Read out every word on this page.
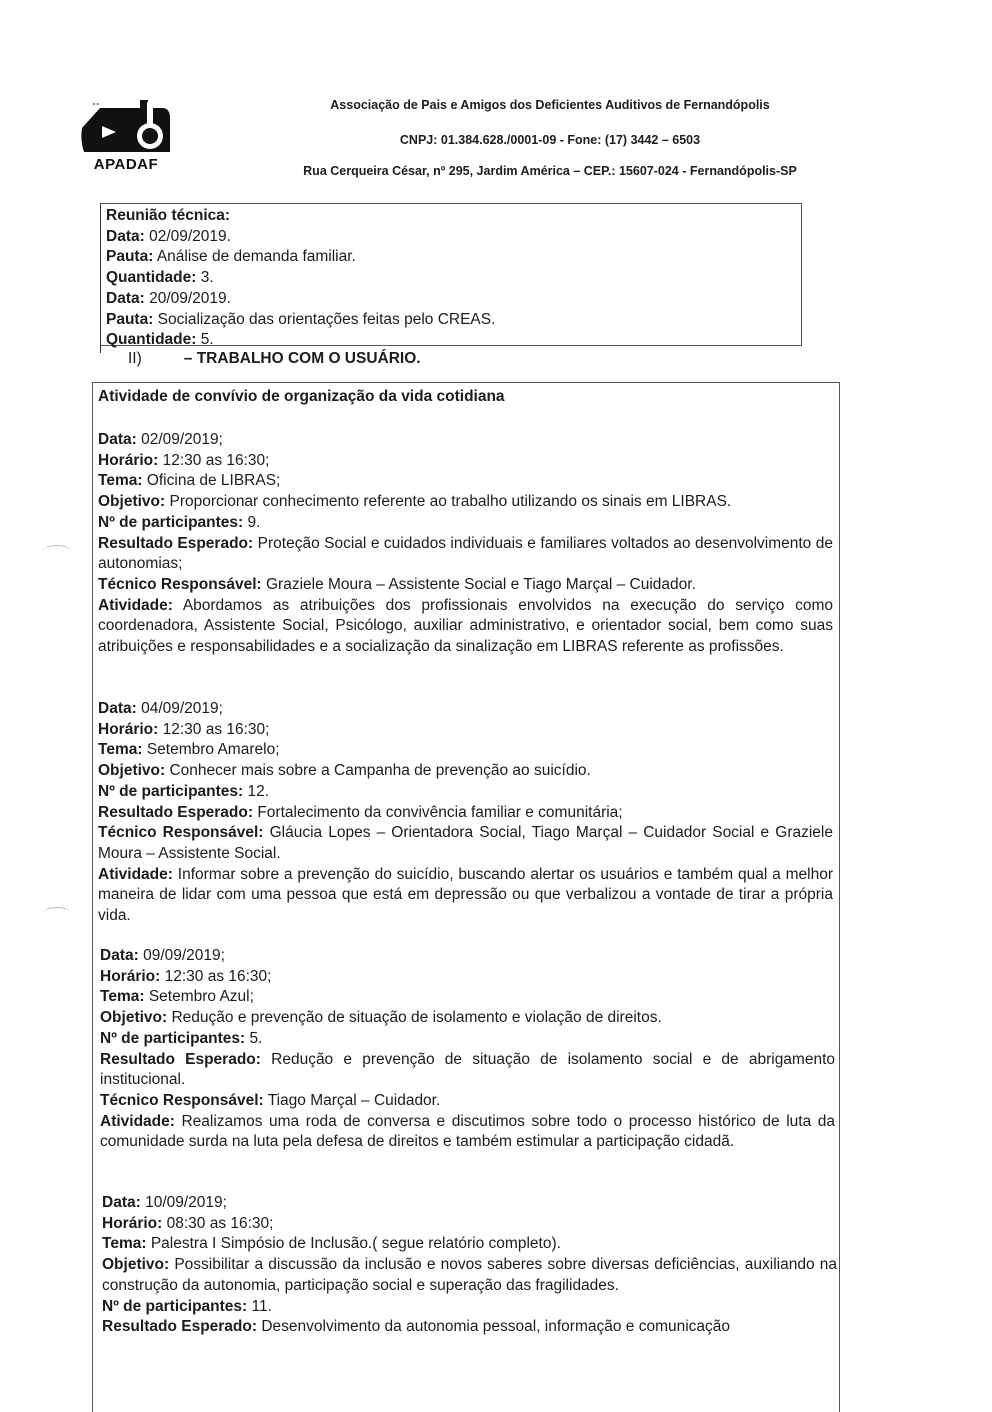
∘∘
APADAF
Associação de Pais e Amigos dos Deficientes Auditivos de Fernandópolis
CNPJ: 01.384.628./0001-09 - Fone: (17) 3442 – 6503
Rua Cerqueira César, nº 295, Jardim América – CEP.: 15607-024 - Fernandópolis-SP
Reunião técnica:
Data: 02/09/2019.
Pauta: Análise de demanda familiar.
Quantidade: 3.
Data: 20/09/2019.
Pauta: Socialização das orientações feitas pelo CREAS.
Quantidade: 5.
II)	– TRABALHO COM O USUÁRIO.
Atividade de convívio de organização da vida cotidiana
Data: 02/09/2019;
Horário: 12:30 as 16:30;
Tema: Oficina de LIBRAS;
Objetivo: Proporcionar conhecimento referente ao trabalho utilizando os sinais em LIBRAS.
Nº de participantes: 9.
Resultado Esperado: Proteção Social e cuidados individuais e familiares voltados ao desenvolvimento de autonomias;
Técnico Responsável: Graziele Moura – Assistente Social e Tiago Marçal – Cuidador.
Atividade: Abordamos as atribuições dos profissionais envolvidos na execução do serviço como coordenadora, Assistente Social, Psicólogo, auxiliar administrativo, e orientador social, bem como suas atribuições e responsabilidades e a socialização da sinalização em LIBRAS referente as profissões.
Data: 04/09/2019;
Horário: 12:30 as 16:30;
Tema: Setembro Amarelo;
Objetivo: Conhecer mais sobre a Campanha de prevenção ao suicídio.
Nº de participantes: 12.
Resultado Esperado: Fortalecimento da convivência familiar e comunitária;
Técnico Responsável: Gláucia Lopes – Orientadora Social, Tiago Marçal – Cuidador Social e Graziele Moura – Assistente Social.
Atividade: Informar sobre a prevenção do suicídio, buscando alertar os usuários e também qual a melhor maneira de lidar com uma pessoa que está em depressão ou que verbalizou a vontade de tirar a própria vida.
Data: 09/09/2019;
Horário: 12:30 as 16:30;
Tema: Setembro Azul;
Objetivo: Redução e prevenção de situação de isolamento e violação de direitos.
Nº de participantes: 5.
Resultado Esperado: Redução e prevenção de situação de isolamento social e de abrigamento institucional.
Técnico Responsável: Tiago Marçal – Cuidador.
Atividade: Realizamos uma roda de conversa e discutimos sobre todo o processo histórico de luta da comunidade surda na luta pela defesa de direitos e também estimular a participação cidadã.
Data: 10/09/2019;
Horário: 08:30 as 16:30;
Tema: Palestra I Simpósio de Inclusão.( segue relatório completo).
Objetivo: Possibilitar a discussão da inclusão e novos saberes sobre diversas deficiências, auxiliando na construção da autonomia, participação social e superação das fragilidades.
Nº de participantes: 11.
Resultado Esperado: Desenvolvimento da autonomia pessoal, informação e comunicação
